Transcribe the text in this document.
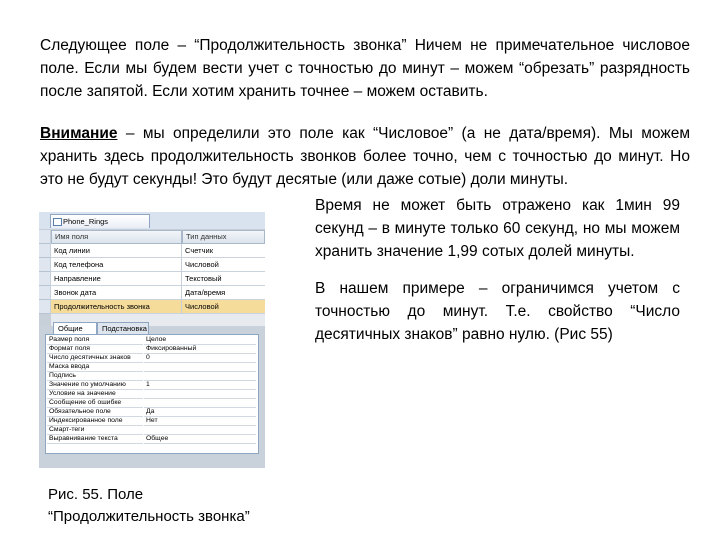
Следующее поле – “Продолжительность звонка” Ничем не примечательное числовое поле. Если мы будем вести учет с точностью до минут – можем “обрезать” разрядность после запятой. Если хотим хранить точнее – можем оставить.
Внимание – мы определили это поле как “Числовое” (а не дата/время). Мы можем хранить здесь продолжительность звонков более точно, чем с точностью до минут. Но это не будут секунды! Это будут десятые (или даже сотые) доли минуты.
Время не может быть отражено как 1мин 99 секунд – в минуте только 60 секунд, но мы можем хранить значение 1,99 сотых долей минуты.
В нашем примере – ограничимся учетом с точностью до минут. Т.е. свойство “Число десятичных знаков” равно нулю. (Рис 55)
Phone_Rings
Имя поля	Тип данных
Код линии	Счетчик
Код телефона	Числовой
Направление	Текстовый
Звонок дата	Дата/время
Продолжительность звонка	Числовой
Общие	Подстановка
Размер поля	Целое
Формат поля	Фиксированный
Число десятичных знаков	0
Маска ввода
Подпись
Значение по умолчанию	1
Условие на значение
Сообщение об ошибке
Обязательное поле	Да
Индексированное поле	Нет
Смарт-теги
Выравнивание текста	Общее
Рис. 55. Поле
“Продолжительность звонка”
